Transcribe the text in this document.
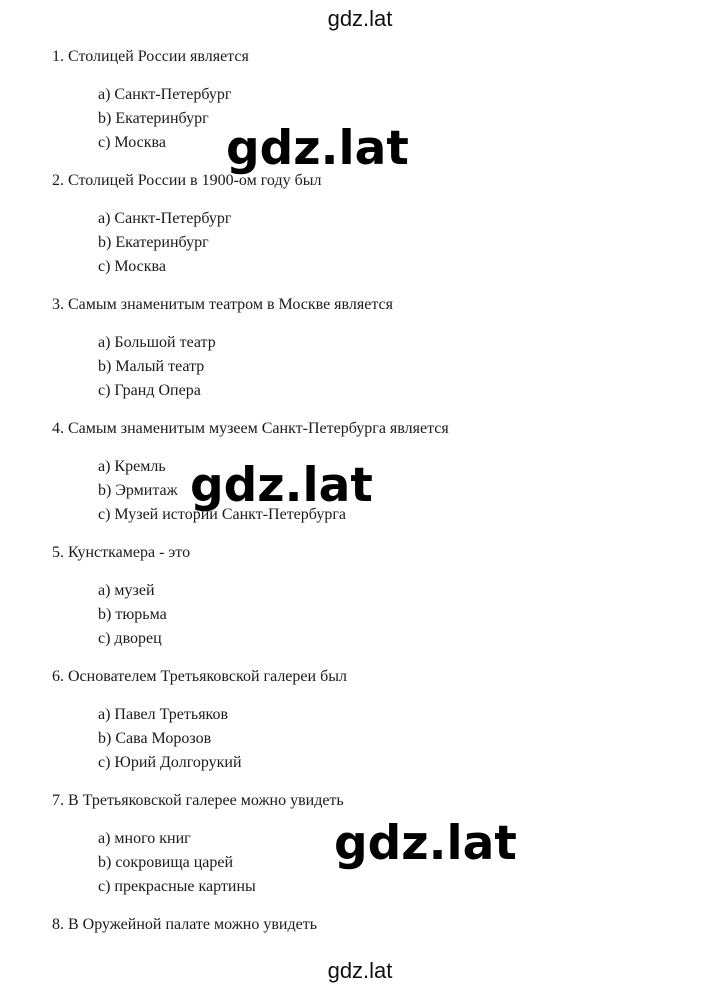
gdz.lat
1. Столицей России является
a) Санкт-Петербург
b) Екатеринбург
c) Москва
2. Столицей России в 1900-ом году был
a) Санкт-Петербург
b) Екатеринбург
c) Москва
3. Самым знаменитым театром в Москве является
a) Большой театр
b) Малый театр
c) Гранд Опера
4. Самым знаменитым музеем Санкт-Петербурга является
a) Кремль
b) Эрмитаж
c) Музей истории Санкт-Петербурга
5. Кунсткамера - это
a) музей
b) тюрьма
c) дворец
6. Основателем Третьяковской галереи был
a) Павел Третьяков
b) Сава Морозов
c) Юрий Долгорукий
7. В Третьяковской галерее можно увидеть
a) много книг
b) сокровища царей
c) прекрасные картины
8. В Оружейной палате можно увидеть
gdz.lat
gdz.lat
gdz.lat
gdz.lat
